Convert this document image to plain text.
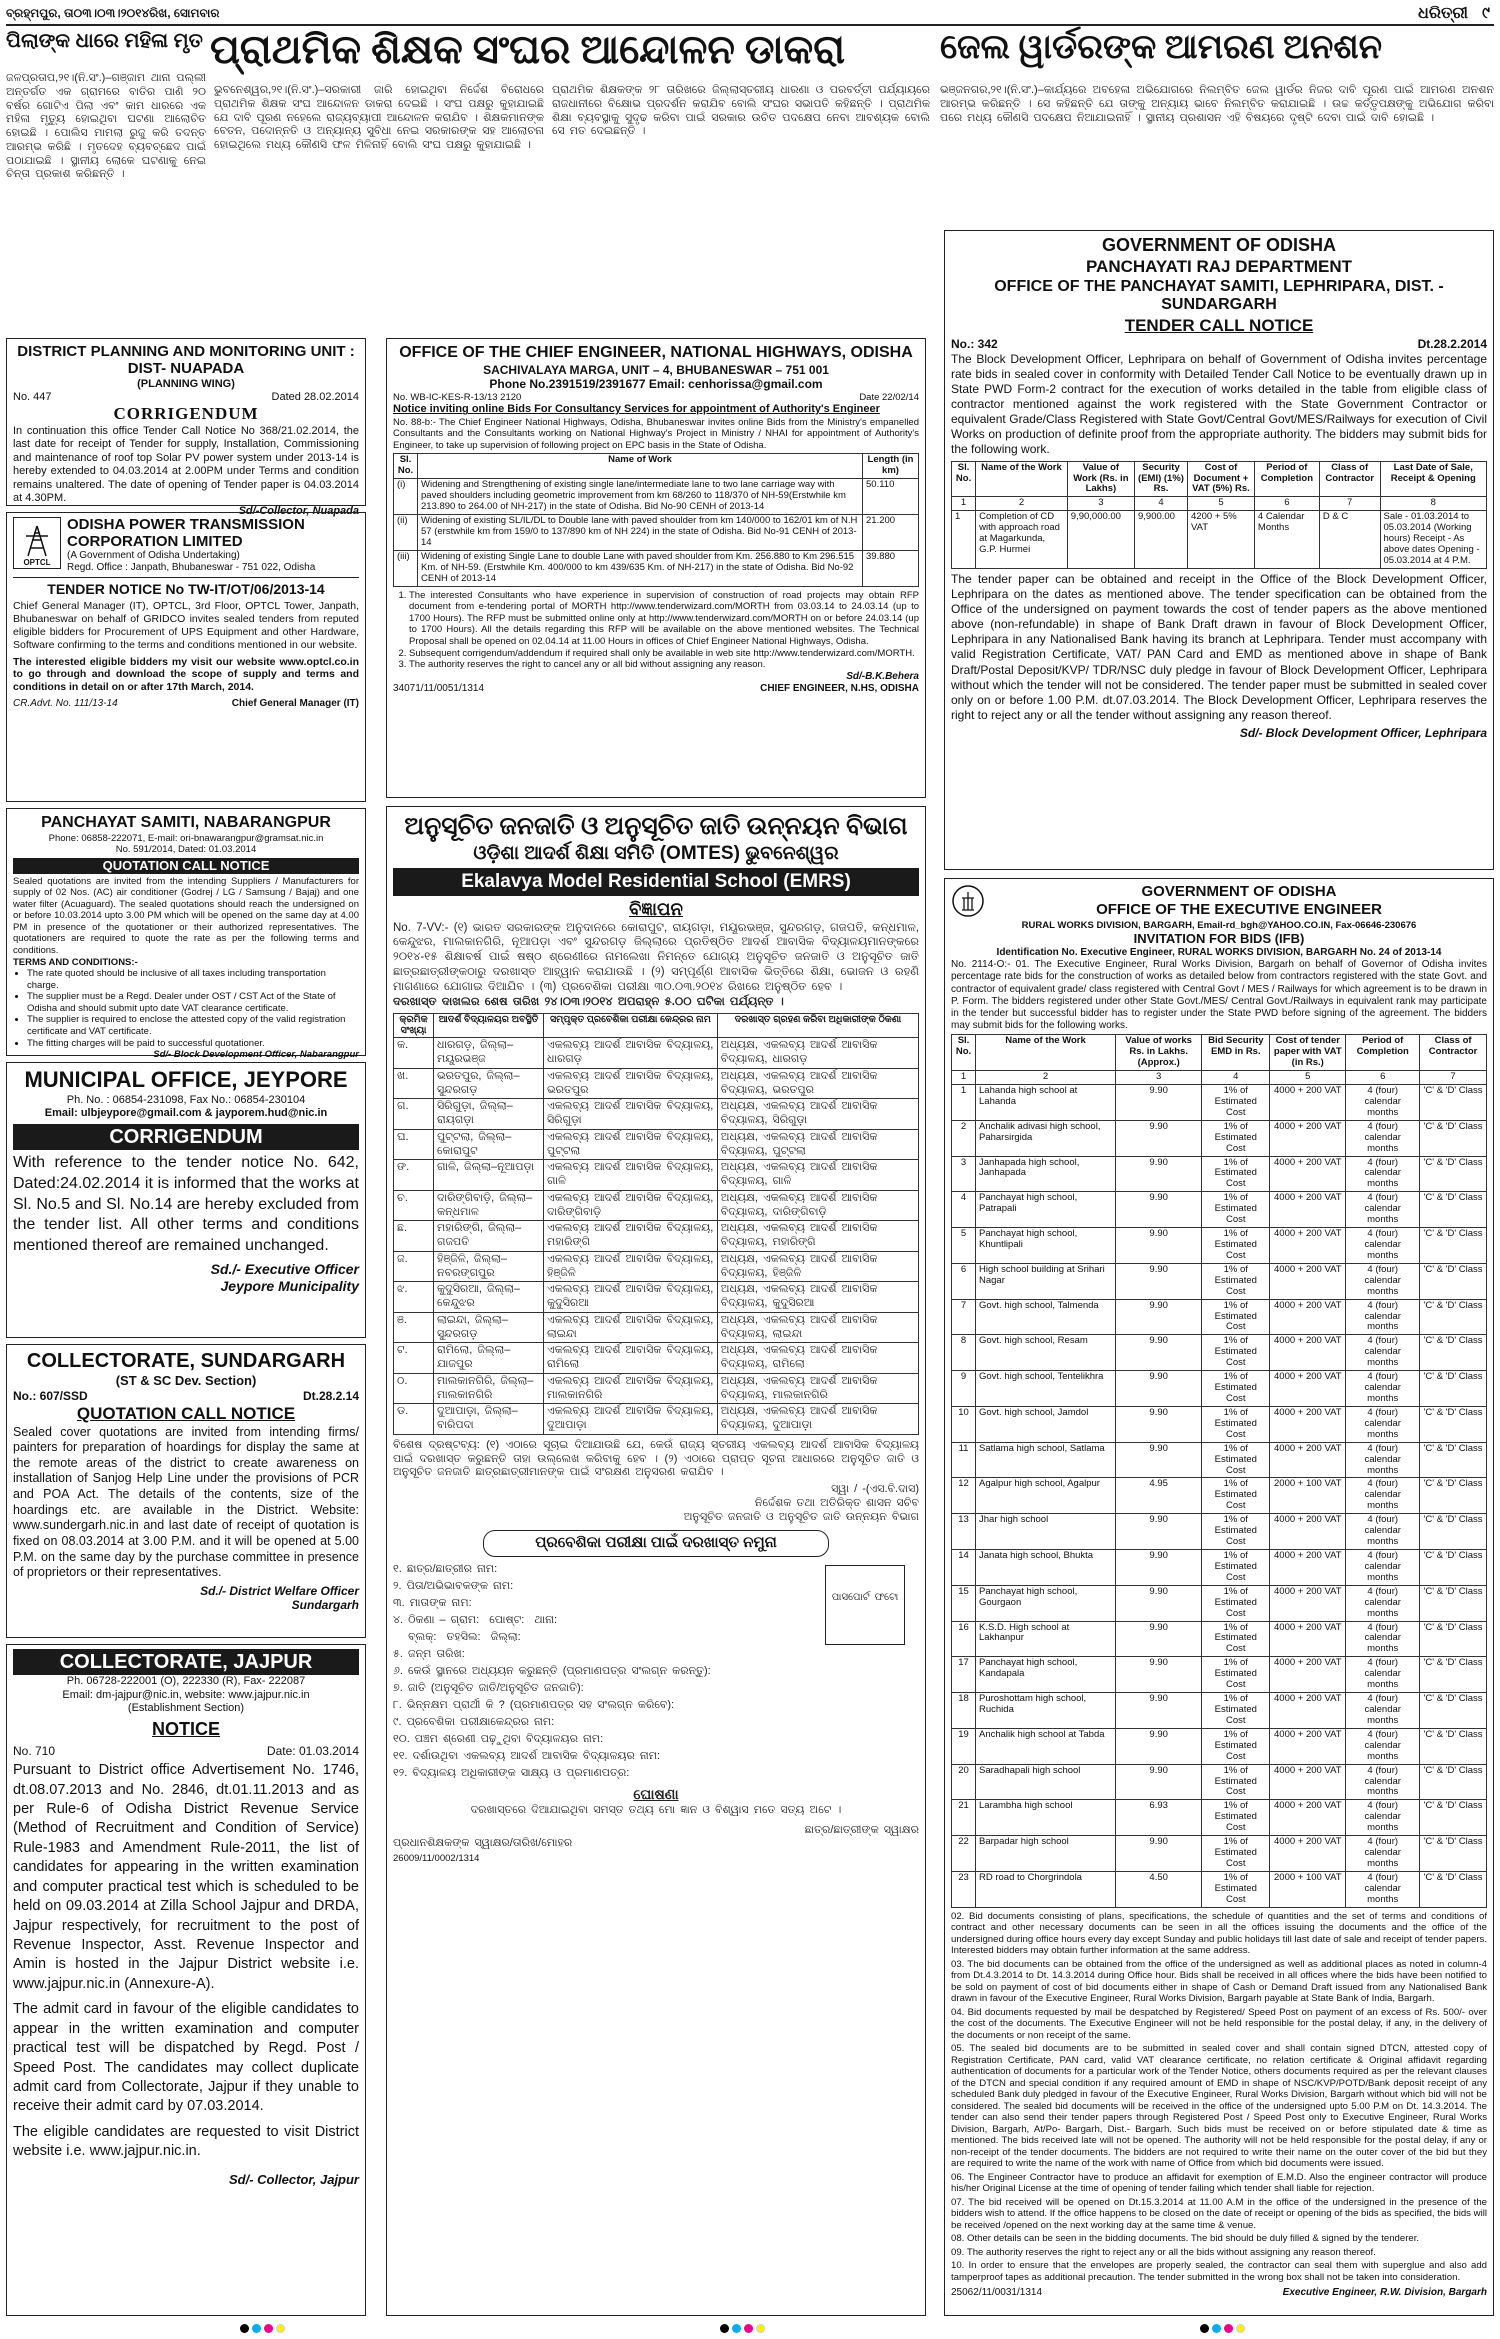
ବ୍ରହ୍ମପୁର, ତା୦୩।୦୩।୨୦୧୪ରିଖ, ସୋମବାର	ଧରିତ୍ରୀ ୯
ପିଲାଙ୍କ ଧାରେ ମହିଳା ମୃତ ପ୍ରାଥମିକ ଶିକ୍ଷକ ସଂଘର ଆନ୍ଦୋଳନ ଡାକରା	ଜେଲ ୱାର୍ଡରଙ୍କ ଆମରଣ ଅନଶନ
ଜଳପ୍ରତାପ,୨୧।(ନି.ସଂ.)–ଗଞ୍ଜାମ ଥାନା ପଲ୍ଲୀ ଅନ୍ତର୍ଗତ ଏକ ଗ୍ରାମରେ ବାତିର ପାଣି ୨୦ ବର୍ଷର ଗୋଟିଏ ପିଲା ଏବଂ କାମ ଧାରରେ ଏକ ମହିଳା ମୃତ୍ୟୁ ହୋଇଥିବା ଘଟଣା ଆଲୋଚିତ ହୋଇଛି । ପୋଲିସ ମାମଲା ରୁଜୁ କରି ତଦନ୍ତ ଆରମ୍ଭ କରିଛି । ମୃତଦେହ ବ୍ୟବଚ୍ଛେଦ ପାଇଁ ପଠାଯାଇଛି । ସ୍ଥାନୀୟ ଲୋକେ ଘଟଣାକୁ ନେଇ ଚିନ୍ତା ପ୍ରକାଶ କରିଛନ୍ତି ।
ଭୁବନେଶ୍ୱର,୨୧।(ନି.ସଂ.)–ସରକାରୀ ଜାରି ହୋଇଥିବା ନିର୍ଦ୍ଦେଶ ବିରୋଧରେ ପ୍ରାଥମିକ ଶିକ୍ଷକ ସଂଘ ଆନ୍ଦୋଳନ ଡାକରା ଦେଇଛି । ସଂଘ ପକ୍ଷରୁ କୁହାଯାଇଛି ଯେ ଦାବି ପୂରଣ ନହେଲେ ରାଜ୍ୟବ୍ୟାପୀ ଆନ୍ଦୋଳନ କରାଯିବ । ଶିକ୍ଷକମାନଙ୍କ ବେତନ, ପଦୋନ୍ନତି ଓ ଅନ୍ୟାନ୍ୟ ସୁବିଧା ନେଇ ସରକାରଙ୍କ ସହ ଆଲୋଚନା ହୋଇଥିଲେ ମଧ୍ୟ କୌଣସି ଫଳ ମିଳିନାହିଁ ବୋଲି ସଂଘ ପକ୍ଷରୁ କୁହାଯାଇଛି ।
ପ୍ରାଥମିକ ଶିକ୍ଷକଙ୍କ ୨୮ ତାରିଖରେ ଜିଲ୍ଲାସ୍ତରୀୟ ଧାରଣା ଓ ପରବର୍ତ୍ତୀ ପର୍ଯ୍ୟାୟରେ ରାଜଧାନୀରେ ବିକ୍ଷୋଭ ପ୍ରଦର୍ଶନ କରାଯିବ ବୋଲି ସଂଘର ସଭାପତି କହିଛନ୍ତି । ପ୍ରାଥମିକ ଶିକ୍ଷା ବ୍ୟବସ୍ଥାକୁ ସୁଦୃଢ କରିବା ପାଇଁ ସରକାର ଉଚିତ ପଦକ୍ଷେପ ନେବା ଆବଶ୍ୟକ ବୋଲି ସେ ମତ ଦେଇଛନ୍ତି ।
ଭଞ୍ଜନଗର,୨୧।(ନି.ସଂ.)–କାର୍ଯ୍ୟରେ ଅବହେଳା ଅଭିଯୋଗରେ ନିଲମ୍ବିତ ଜେଲ ୱାର୍ଡର ନିଜର ଦାବି ପୂରଣ ପାଇଁ ଆମରଣ ଅନଶନ ଆରମ୍ଭ କରିଛନ୍ତି । ସେ କହିଛନ୍ତି ଯେ ତାଙ୍କୁ ଅନ୍ୟାୟ ଭାବେ ନିଲମ୍ବିତ କରାଯାଇଛି । ଉଚ୍ଚ କର୍ତ୍ତୃପକ୍ଷଙ୍କୁ ଅଭିଯୋଗ କରିବା ପରେ ମଧ୍ୟ କୌଣସି ପଦକ୍ଷେପ ନିଆଯାଇନାହିଁ । ସ୍ଥାନୀୟ ପ୍ରଶାସନ ଏହି ବିଷୟରେ ଦୃଷ୍ଟି ଦେବା ପାଇଁ ଦାବି ହୋଇଛି ।
DISTRICT PLANNING AND MONITORING UNIT : DIST- NUAPADA
(PLANNING WING)
No. 447	Dated 28.02.2014
CORRIGENDUM
In continuation this office Tender Call Notice No 368/21.02.2014, the last date for receipt of Tender for supply, Installation, Commissioning and maintenance of roof top Solar PV power system under 2013-14 is hereby extended to 04.03.2014 at 2.00PM under Terms and condition remains unaltered. The date of opening of Tender paper is 04.03.2014 at 4.30PM.
Sd/-Collector, Nuapada
OPTCL
ODISHA POWER TRANSMISSION CORPORATION LIMITED
(A Government of Odisha Undertaking)
Regd. Office : Janpath, Bhubaneswar - 751 022, Odisha
TENDER NOTICE No TW-IT/OT/06/2013-14
Chief General Manager (IT), OPTCL, 3rd Floor, OPTCL Tower, Janpath, Bhubaneswar on behalf of GRIDCO invites sealed tenders from reputed eligible bidders for Procurement of UPS Equipment and other Hardware, Software confirming to the terms and conditions mentioned in our website.
The interested eligible bidders my visit our website www.optcl.co.in to go through and download the scope of supply and terms and conditions in detail on or after 17th March, 2014.
CR.Advt. No. 111/13-14	Chief General Manager (IT)
PANCHAYAT SAMITI, NABARANGPUR
Phone: 06858-222071, E-mail: ori-bnawarangpur@gramsat.nic.in
No. 591/2014, Dated: 01.03.2014
QUOTATION CALL NOTICE
Sealed quotations are invited from the intending Suppliers / Manufacturers for supply of 02 Nos. (AC) air conditioner (Godrej / LG / Samsung / Bajaj) and one water filter (Acuaguard). The sealed quotations should reach the undersigned on or before 10.03.2014 upto 3.00 PM which will be opened on the same day at 4.00 PM in presence of the quotationer or their authorized representatives. The quotationers are required to quote the rate as per the following terms and conditions.
TERMS AND CONDITIONS:-
• The rate quoted should be inclusive of all taxes including transportation charge.
• The supplier must be a Regd. Dealer under OST / CST Act of the State of Odisha and should submit upto date VAT clearance certificate.
• The supplier is required to enclose the attested copy of the valid registration certificate and VAT certificate.
• The fitting charges will be paid to successful quotationer.
Sd/- Block Development Officer, Nabarangpur
MUNICIPAL OFFICE, JEYPORE
Ph. No. : 06854-231098, Fax No.: 06854-230104
Email: ulbjeypore@gmail.com & jayporem.hud@nic.in
CORRIGENDUM
With reference to the tender notice No. 642, Dated:24.02.2014 it is informed that the works at Sl. No.5 and Sl. No.14 are hereby excluded from the tender list. All other terms and conditions mentioned thereof are remained unchanged.
Sd./- Executive Officer
Jeypore Municipality
COLLECTORATE, SUNDARGARH
(ST & SC Dev. Section)
No.: 607/SSD	Dt.28.2.14
QUOTATION CALL NOTICE
Sealed cover quotations are invited from intending firms/ painters for preparation of hoardings for display the same at the remote areas of the district to create awareness on installation of Sanjog Help Line under the provisions of PCR and POA Act. The details of the contents, size of the hoardings etc. are available in the District. Website: www.sundergarh.nic.in and last date of receipt of quotation is fixed on 08.03.2014 at 3.00 P.M. and it will be opened at 5.00 P.M. on the same day by the purchase committee in presence of proprietors or their representatives.
Sd./- District Welfare Officer
Sundargarh
COLLECTORATE, JAJPUR
Ph. 06728-222001 (O), 222330 (R), Fax- 222087
Email: dm-jajpur@nic.in, website: www.jajpur.nic.in
(Establishment Section)
NOTICE
No. 710	Date: 01.03.2014
Pursuant to District office Advertisement No. 1746, dt.08.07.2013 and No. 2846, dt.01.11.2013 and as per Rule-6 of Odisha District Revenue Service (Method of Recruitment and Condition of Service) Rule-1983 and Amendment Rule-2011, the list of candidates for appearing in the written examination and computer practical test which is scheduled to be held on 09.03.2014 at Zilla School Jajpur and DRDA, Jajpur respectively, for recruitment to the post of Revenue Inspector, Asst. Revenue Inspector and Amin is hosted in the Jajpur District website i.e. www.jajpur.nic.in (Annexure-A).
The admit card in favour of the eligible candidates to appear in the written examination and computer practical test will be dispatched by Regd. Post / Speed Post. The candidates may collect duplicate admit card from Collectorate, Jajpur if they unable to receive their admit card by 07.03.2014.
The eligible candidates are requested to visit District website i.e. www.jajpur.nic.in.
Sd/- Collector, Jajpur
OFFICE OF THE CHIEF ENGINEER, NATIONAL HIGHWAYS, ODISHA
SACHIVALAYA MARGA, UNIT – 4, BHUBANESWAR – 751 001
Phone No.2391519/2391677 Email: cenhorissa@gmail.com
No. WB-IC-KES-R-13/13 2120	Date 22/02/14
Notice inviting online Bids For Consultancy Services for appointment of Authority's Engineer
No. 88-b:- The Chief Engineer National Highways, Odisha, Bhubaneswar invites online Bids from the Ministry's empanelled Consultants and the Consultants working on National Highway's Project in Ministry / NHAI for appointment of Authority's Engineer, to take up supervision of following project on EPC basis in the State of Odisha.
Sl. No.	Name of Work	Length (in km)
(i)	Widening and Strengthening of existing single lane/intermediate lane to two lane carriage way with paved shoulders including geometric improvement from km 68/260 to 118/370 of NH-59(Erstwhile km 213.890 to 264.00 of NH-217) in the state of Odisha. Bid No-90 CENH of 2013-14	50.110
(ii)	Widening of existing SL/IL/DL to Double lane with paved shoulder from km 140/000 to 162/01 km of N.H 57 (erstwhile km from 159/0 to 137/890 km of NH 224) in the state of Odisha. Bid No-91 CENH of 2013-14	21.200
(iii)	Widening of existing Single Lane to double Lane with paved shoulder from Km. 256.880 to Km 296.515 Km. of NH-59. (Erstwhile Km. 400/000 to km 439/635 Km. of NH-217) in the state of Odisha. Bid No-92 CENH of 2013-14	39.880
1. The interested Consultants who have experience in supervision of construction of road projects may obtain RFP document from e-tendering portal of MORTH http://www.tenderwizard.com/MORTH from 03.03.14 to 24.03.14 (up to 1700 Hours). The RFP must be submitted online only at http://www.tenderwizard.com/MORTH on or before 24.03.14 (up to 1700 Hours). All the details regarding this RFP will be available on the above mentioned websites. The Technical Proposal shall be opened on 02.04.14 at 11.00 Hours in offices of Chief Engineer National Highways, Odisha.
2. Subsequent corrigendum/addendum if required shall only be available in web site http://www.tenderwizard.com/MORTH.
3. The authority reserves the right to cancel any or all bid without assigning any reason.
Sd/-B.K.Behera
34071/11/0051/1314	CHIEF ENGINEER, N.HS, ODISHA
ଅନୁସୂଚିତ ଜନଜାତି ଓ ଅନୁସୂଚିତ ଜାତି ଉନ୍ନୟନ ବିଭାଗ
ଓଡ଼ିଶା ଆଦର୍ଶ ଶିକ୍ଷା ସମିତି (OMTES) ଭୁବନେଶ୍ୱର
Ekalavya Model Residential School (EMRS)
ବିଜ୍ଞାପନ
No. 7-VV:- (୧) ଭାରତ ସରକାରଙ୍କ ଅନୁଦାନରେ କୋରାପୁଟ, ରାୟଗଡ଼ା, ମୟୂରଭଞ୍ଜ, ସୁନ୍ଦରଗଡ଼, ଗଜପତି, କନ୍ଧମାଳ, କେନ୍ଦୁଝର, ମାଲକାନଗିରି, ନୂଆପଡ଼ା ଏବଂ ସୁନ୍ଦରଗଡ଼ ଜିଲ୍ଲାରେ ପ୍ରତିଷ୍ଠିତ ଆଦର୍ଶ ଆବାସିକ ବିଦ୍ୟାଳୟମାନଙ୍କରେ ୨୦୧୪-୧୫ ଶିକ୍ଷାବର୍ଷ ପାଇଁ ଷଷ୍ଠ ଶ୍ରେଣୀରେ ନାମଲେଖା ନିମନ୍ତେ ଯୋଗ୍ୟ ଅନୁସୂଚିତ ଜନଜାତି ଓ ଅନୁସୂଚିତ ଜାତି ଛାତ୍ରଛାତ୍ରୀଙ୍କଠାରୁ ଦରଖାସ୍ତ ଆହ୍ୱାନ କରାଯାଉଛି । (୨) ସମ୍ପୂର୍ଣ୍ଣ ଆବାସିକ ଭିତ୍ତିରେ ଶିକ୍ଷା, ଭୋଜନ ଓ ରହଣି ମାଗଣାରେ ଯୋଗାଇ ଦିଆଯିବ । (୩) ପ୍ରବେଶିକା ପରୀକ୍ଷା ୩୦.୦୩.୨୦୧୪ ରିଖରେ ଅନୁଷ୍ଠିତ ହେବ ।
ଦରଖାସ୍ତ ଦାଖଲର ଶେଷ ତାରିଖ ୨୪।୦୩।୨୦୧୪ ଅପରାହ୍ନ ୫.୦୦ ଘଟିକା ପର୍ଯ୍ୟନ୍ତ ।
କ୍ରମିକ ସଂଖ୍ୟା	ଆଦର୍ଶ ବିଦ୍ୟାଳୟର ଅବସ୍ଥିତି	ସମ୍ପୃକ୍ତ ପ୍ରବେଶିକା ପରୀକ୍ଷା କେନ୍ଦ୍ରର ନାମ	ଦରଖାସ୍ତ ଗ୍ରହଣ କରିବା ଅଧିକାରୀଙ୍କ ଠିକଣା
କ.	ଧାରଗଡ଼, ଜିଲ୍ଲା–ମୟୂରଭଞ୍ଜ	ଏକଲବ୍ୟ ଆଦର୍ଶ ଆବାସିକ ବିଦ୍ୟାଳୟ, ଧାରଗଡ଼	ଅଧ୍ୟକ୍ଷ, ଏକଲବ୍ୟ ଆଦର୍ଶ ଆବାସିକ ବିଦ୍ୟାଳୟ, ଧାରଗଡ଼
ଖ.	ଭରତପୁର, ଜିଲ୍ଲା–ସୁନ୍ଦରଗଡ଼	ଏକଲବ୍ୟ ଆଦର୍ଶ ଆବାସିକ ବିଦ୍ୟାଳୟ, ଭରତପୁର	ଅଧ୍ୟକ୍ଷ, ଏକଲବ୍ୟ ଆଦର୍ଶ ଆବାସିକ ବିଦ୍ୟାଳୟ, ଭରତପୁର
ଗ.	ସିରିଗୁଡ଼ା, ଜିଲ୍ଲା–ରାୟଗଡ଼ା	ଏକଲବ୍ୟ ଆଦର୍ଶ ଆବାସିକ ବିଦ୍ୟାଳୟ, ସିରିଗୁଡ଼ା	ଅଧ୍ୟକ୍ଷ, ଏକଲବ୍ୟ ଆଦର୍ଶ ଆବାସିକ ବିଦ୍ୟାଳୟ, ସିରିଗୁଡ଼ା
ଘ.	ପୁଟ୍ଟଲା, ଜିଲ୍ଲା–କୋରାପୁଟ	ଏକଲବ୍ୟ ଆଦର୍ଶ ଆବାସିକ ବିଦ୍ୟାଳୟ, ପୁଟ୍ଟଲା	ଅଧ୍ୟକ୍ଷ, ଏକଲବ୍ୟ ଆଦର୍ଶ ଆବାସିକ ବିଦ୍ୟାଳୟ, ପୁଟ୍ଟଲା
ଙ.	ଗାଳି, ଜିଲ୍ଲା–ନୂଆପଡ଼ା	ଏକଲବ୍ୟ ଆଦର୍ଶ ଆବାସିକ ବିଦ୍ୟାଳୟ, ଗାଳି	ଅଧ୍ୟକ୍ଷ, ଏକଲବ୍ୟ ଆଦର୍ଶ ଆବାସିକ ବିଦ୍ୟାଳୟ, ଗାଳି
ଚ.	ଦାରିଙ୍ଗିବାଡ଼ି, ଜିଲ୍ଲା–କନ୍ଧମାଳ	ଏକଲବ୍ୟ ଆଦର୍ଶ ଆବାସିକ ବିଦ୍ୟାଳୟ, ଦାରିଙ୍ଗିବାଡ଼ି	ଅଧ୍ୟକ୍ଷ, ଏକଲବ୍ୟ ଆଦର୍ଶ ଆବାସିକ ବିଦ୍ୟାଳୟ, ଦାରିଙ୍ଗିବାଡ଼ି
ଛ.	ମହାରିଙ୍ଗି, ଜିଲ୍ଲା–ଗଜପତି	ଏକଲବ୍ୟ ଆଦର୍ଶ ଆବାସିକ ବିଦ୍ୟାଳୟ, ମହାରିଙ୍ଗି	ଅଧ୍ୟକ୍ଷ, ଏକଲବ୍ୟ ଆଦର୍ଶ ଆବାସିକ ବିଦ୍ୟାଳୟ, ମହାରିଙ୍ଗି
ଜ.	ହିଞ୍ଜିଳି, ଜିଲ୍ଲା–ନବରଙ୍ଗପୁର	ଏକଲବ୍ୟ ଆଦର୍ଶ ଆବାସିକ ବିଦ୍ୟାଳୟ, ହିଞ୍ଜିଳି	ଅଧ୍ୟକ୍ଷ, ଏକଲବ୍ୟ ଆଦର୍ଶ ଆବାସିକ ବିଦ୍ୟାଳୟ, ହିଞ୍ଜିଳି
ଝ.	କୁଦୁସିରଆ, ଜିଲ୍ଲା–କେନ୍ଦୁଝର	ଏକଲବ୍ୟ ଆଦର୍ଶ ଆବାସିକ ବିଦ୍ୟାଳୟ, କୁଦୁସିରଆ	ଅଧ୍ୟକ୍ଷ, ଏକଲବ୍ୟ ଆଦର୍ଶ ଆବାସିକ ବିଦ୍ୟାଳୟ, କୁଦୁସିରଆ
ଞ.	ଲାଇନ୍ଦା, ଜିଲ୍ଲା–ସୁନ୍ଦରଗଡ଼	ଏକଲବ୍ୟ ଆଦର୍ଶ ଆବାସିକ ବିଦ୍ୟାଳୟ, ଲାଇନ୍ଦା	ଅଧ୍ୟକ୍ଷ, ଏକଲବ୍ୟ ଆଦର୍ଶ ଆବାସିକ ବିଦ୍ୟାଳୟ, ଲାଇନ୍ଦା
ଟ.	ରାମିଲୋ, ଜିଲ୍ଲା–ଯାଜପୁର	ଏକଲବ୍ୟ ଆଦର୍ଶ ଆବାସିକ ବିଦ୍ୟାଳୟ, ରାମିଲୋ	ଅଧ୍ୟକ୍ଷ, ଏକଲବ୍ୟ ଆଦର୍ଶ ଆବାସିକ ବିଦ୍ୟାଳୟ, ରାମିଲୋ
ଠ.	ମାଲକାନଗିରି, ଜିଲ୍ଲା–ମାଲକାନଗିରି	ଏକଲବ୍ୟ ଆଦର୍ଶ ଆବାସିକ ବିଦ୍ୟାଳୟ, ମାଲକାନଗିରି	ଅଧ୍ୟକ୍ଷ, ଏକଲବ୍ୟ ଆଦର୍ଶ ଆବାସିକ ବିଦ୍ୟାଳୟ, ମାଲକାନଗିରି
ଡ.	ଦୁଆପାଡ଼ା, ଜିଲ୍ଲା–ବାରିପଦା	ଏକଲବ୍ୟ ଆଦର୍ଶ ଆବାସିକ ବିଦ୍ୟାଳୟ, ଦୁଆପାଡ଼ା	ଅଧ୍ୟକ୍ଷ, ଏକଲବ୍ୟ ଆଦର୍ଶ ଆବାସିକ ବିଦ୍ୟାଳୟ, ଦୁଆପାଡ଼ା
ବିଶେଷ ଦ୍ରଷ୍ଟବ୍ୟ: (୧) ଏଠାରେ ସୂଚାଇ ଦିଆଯାଉଛି ଯେ, କେଉଁ ରାଜ୍ୟ ସ୍ତରୀୟ ଏକଲବ୍ୟ ଆଦର୍ଶ ଆବାସିକ ବିଦ୍ୟାଳୟ ପାଇଁ ଦରଖାସ୍ତ କରୁଛନ୍ତି ତାହା ଉଲ୍ଲେଖ କରିବାକୁ ହେବ । (୨) ଏଠାରେ ପ୍ରାପ୍ତ ସୂଚନା ଆଧାରରେ ଅନୁସୂଚିତ ଜାତି ଓ ଅନୁସୂଚିତ ଜନଜାତି ଛାତ୍ରଛାତ୍ରୀମାନଙ୍କ ପାଇଁ ସଂରକ୍ଷଣ ଅନୁସରଣ କରାଯିବ ।
ସ୍ୱା / -(ଏସ.ବି.ଦାସ)
ନିର୍ଦ୍ଦେଶକ ତଥା ଅତିରିକ୍ତ ଶାସନ ସଚିବ
ଅନୁସୂଚିତ ଜନଜାତି ଓ ଅନୁସୂଚିତ ଜାତି ଉନ୍ନୟନ ବିଭାଗ
ପ୍ରବେଶିକା ପରୀକ୍ଷା ପାଇଁ ଦରଖାସ୍ତ ନମୁନା
ପାସପୋର୍ଟ ଫଟୋ
୧. ଛାତ୍ର/ଛାତ୍ରୀର ନାମ:
୨. ପିତା/ଅଭିଭାବକଙ୍କ ନାମ:
୩. ମାତାଙ୍କ ନାମ:
୪. ଠିକଣା – ଗ୍ରାମ:  ପୋଷ୍ଟ:  ଥାନା:
ବ୍ଲକ୍:  ତହସିଲ:  ଜିଲ୍ଲା:
୫. ଜନ୍ମ ତାରିଖ:
୬. କେଉଁ ସ୍ଥାନରେ ଅଧ୍ୟୟନ କରୁଛନ୍ତି (ପ୍ରମାଣପତ୍ର ସଂଲଗ୍ନ କରନ୍ତୁ):
୭. ଜାତି (ଅନୁସୂଚିତ ଜାତି/ଅନୁସୂଚିତ ଜନଜାତି):
୮. ଭିନ୍ନକ୍ଷମ ପ୍ରାର୍ଥୀ କି ? (ପ୍ରମାଣପତ୍ର ସହ ସଂଲଗ୍ନ କରିବେ):
୯. ପ୍ରବେଶିକା ପରୀକ୍ଷାକେନ୍ଦ୍ରର ନାମ:
୧୦. ପଞ୍ଚମ ଶ୍ରେଣୀ ପଢ଼ୁଥିବା ବିଦ୍ୟାଳୟର ନାମ:
୧୧. ଦର୍ଶାଉଥିବା ଏକଲବ୍ୟ ଆଦର୍ଶ ଆବାସିକ ବିଦ୍ୟାଳୟର ନାମ:
୧୨. ବିଦ୍ୟାଳୟ ଅଧିକାରୀଙ୍କ ସାକ୍ଷ୍ୟ ଓ ପ୍ରମାଣପତ୍ର:
ଘୋଷଣା
ଦରଖାସ୍ତରେ ଦିଆଯାଇଥିବା ସମସ୍ତ ତଥ୍ୟ ମୋ ଜ୍ଞାନ ଓ ବିଶ୍ୱାସ ମତେ ସତ୍ୟ ଅଟେ ।
ଛାତ୍ର/ଛାତ୍ରୀଙ୍କ ସ୍ୱାକ୍ଷର
ପ୍ରଧାନଶିକ୍ଷକଙ୍କ ସ୍ୱାକ୍ଷର/ତାରିଖ/ମୋହର
26009/11/0002/1314
GOVERNMENT OF ODISHA
PANCHAYATI RAJ DEPARTMENT
OFFICE OF THE PANCHAYAT SAMITI, LEPHRIPARA, DIST. - SUNDARGARH
TENDER CALL NOTICE
No.: 342	Dt.28.2.2014
The Block Development Officer, Lephripara on behalf of Government of Odisha invites percentage rate bids in sealed cover in conformity with Detailed Tender Call Notice to be eventually drawn up in State PWD Form-2 contract for the execution of works detailed in the table from eligible class of contractor mentioned against the work registered with the State Government Contractor or equivalent Grade/Class Registered with State Govt/Central Govt/MES/Railways for execution of Civil Works on production of definite proof from the appropriate authority. The bidders may submit bids for the following work.
Sl. No.	Name of the Work	Value of Work (Rs. in Lakhs)	Security (EMI) (1%) Rs.	Cost of Document + VAT (5%) Rs.	Period of Completion	Class of Contractor	Last Date of Sale, Receipt & Opening
1	2	3	4	5	6	7	8
1	Completion of CD with approach road at Magarkunda, G.P. Hurmei	9,90,000.00	9,900.00	4200 + 5% VAT	4 Calendar Months	D & C	Sale - 01.03.2014 to 05.03.2014 (Working hours) Receipt - As above dates Opening - 05.03.2014 at 4 P.M.
The tender paper can be obtained and receipt in the Office of the Block Development Officer, Lephripara on the dates as mentioned above. The tender specification can be obtained from the Office of the undersigned on payment towards the cost of tender papers as the above mentioned above (non-refundable) in shape of Bank Draft drawn in favour of Block Development Officer, Lephripara in any Nationalised Bank having its branch at Lephripara. Tender must accompany with valid Registration Certificate, VAT/ PAN Card and EMD as mentioned above in shape of Bank Draft/Postal Deposit/KVP/ TDR/NSC duly pledge in favour of Block Development Officer, Lephripara without which the tender will not be considered. The tender paper must be submitted in sealed cover only on or before 1.00 P.M. dt.07.03.2014. The Block Development Officer, Lephripara reserves the right to reject any or all the tender without assigning any reason thereof.
Sd/- Block Development Officer, Lephripara
GOVERNMENT OF ODISHA
OFFICE OF THE EXECUTIVE ENGINEER
RURAL WORKS DIVISION, BARGARH, Email-rd_bgh@YAHOO.CO.IN, Fax-06646-230676
INVITATION FOR BIDS (IFB)
Identification No. Executive Engineer, RURAL WORKS DIVISION, BARGARH No. 24 of 2013-14
No. 2114-O:- 01. The Executive Engineer, Rural Works Division, Bargarh on behalf of Governor of Odisha invites percentage rate bids for the construction of works as detailed below from contractors registered with the state Govt. and contractor of equivalent grade/ class registered with Central Govt / MES / Railways for which agreement is to be drawn in P. Form. The bidders registered under other State Govt./MES/ Central Govt./Railways in equivalent rank may participate in the tender but successful bidder has to register under the State PWD before signing of the agreement. The bidders may submit bids for the following works.
Sl. No.	Name of the Work	Value of works Rs. in Lakhs. (Approx.)	Bid Security EMD in Rs.	Cost of tender paper with VAT (in Rs.)	Period of Completion	Class of Contractor
1	2	3	4	5	6	7
1	Lahanda high school at Lahanda	9.90	1% of Estimated Cost	4000 + 200 VAT	4 (four) calendar months	'C' & 'D' Class
2	Anchalik adivasi high school, Paharsirgida	9.90	1% of Estimated Cost	4000 + 200 VAT	4 (four) calendar months	'C' & 'D' Class
3	Janhapada high school, Janhapada	9.90	1% of Estimated Cost	4000 + 200 VAT	4 (four) calendar months	'C' & 'D' Class
4	Panchayat high school, Patrapali	9.90	1% of Estimated Cost	4000 + 200 VAT	4 (four) calendar months	'C' & 'D' Class
5	Panchayat high school, Khuntlipali	9.90	1% of Estimated Cost	4000 + 200 VAT	4 (four) calendar months	'C' & 'D' Class
6	High school building at Srihari Nagar	9.90	1% of Estimated Cost	4000 + 200 VAT	4 (four) calendar months	'C' & 'D' Class
7	Govt. high school, Talmenda	9.90	1% of Estimated Cost	4000 + 200 VAT	4 (four) calendar months	'C' & 'D' Class
8	Govt. high school, Resam	9.90	1% of Estimated Cost	4000 + 200 VAT	4 (four) calendar months	'C' & 'D' Class
9	Govt. high school, Tentelikhra	9.90	1% of Estimated Cost	4000 + 200 VAT	4 (four) calendar months	'C' & 'D' Class
10	Govt. high school, Jamdol	9.90	1% of Estimated Cost	4000 + 200 VAT	4 (four) calendar months	'C' & 'D' Class
11	Satlama high school, Satlama	9.90	1% of Estimated Cost	4000 + 200 VAT	4 (four) calendar months	'C' & 'D' Class
12	Agalpur high school, Agalpur	4.95	1% of Estimated Cost	2000 + 100 VAT	4 (four) calendar months	'C' & 'D' Class
13	Jhar high school	9.90	1% of Estimated Cost	4000 + 200 VAT	4 (four) calendar months	'C' & 'D' Class
14	Janata high school, Bhukta	9.90	1% of Estimated Cost	4000 + 200 VAT	4 (four) calendar months	'C' & 'D' Class
15	Panchayat high school, Gourgaon	9.90	1% of Estimated Cost	4000 + 200 VAT	4 (four) calendar months	'C' & 'D' Class
16	K.S.D. High school at Lakhanpur	9.90	1% of Estimated Cost	4000 + 200 VAT	4 (four) calendar months	'C' & 'D' Class
17	Panchayat high school, Kandapala	9.90	1% of Estimated Cost	4000 + 200 VAT	4 (four) calendar months	'C' & 'D' Class
18	Puroshottam high school, Ruchida	9.90	1% of Estimated Cost	4000 + 200 VAT	4 (four) calendar months	'C' & 'D' Class
19	Anchalik high school at Tabda	9.90	1% of Estimated Cost	4000 + 200 VAT	4 (four) calendar months	'C' & 'D' Class
20	Saradhapali high school	9.90	1% of Estimated Cost	4000 + 200 VAT	4 (four) calendar months	'C' & 'D' Class
21	Larambha high school	6.93	1% of Estimated Cost	4000 + 200 VAT	4 (four) calendar months	'C' & 'D' Class
22	Barpadar high school	9.90	1% of Estimated Cost	4000 + 200 VAT	4 (four) calendar months	'C' & 'D' Class
23	RD road to Chorgrindola	4.50	1% of Estimated Cost	2000 + 100 VAT	4 (four) calendar months	'C' & 'D' Class
02. Bid documents consisting of plans, specifications, the schedule of quantities and the set of terms and conditions of contract and other necessary documents can be seen in all the offices issuing the documents and the office of the undersigned during office hours every day except Sunday and public holidays till last date of sale and receipt of tender papers. Interested bidders may obtain further information at the same address.
03. The bid documents can be obtained from the office of the undersigned as well as additional places as noted in column-4 from Dt.4.3.2014 to Dt. 14.3.2014 during Office hour. Bids shall be received in all offices where the bids have been notified to be sold on payment of cost of bid documents either in shape of Cash or Demand Draft issued from any Nationalised Bank drawn in favour of the Executive Engineer, Rural Works Division, Bargarh payable at State Bank of India, Bargarh.
04. Bid documents requested by mail be despatched by Registered/ Speed Post on payment of an excess of Rs. 500/- over the cost of the documents. The Executive Engineer will not be held responsible for the postal delay, if any, in the delivery of the documents or non receipt of the same.
05. The sealed bid documents are to be submitted in sealed cover and shall contain signed DTCN, attested copy of Registration Certificate, PAN card, valid VAT clearance certificate, no relation certificate & Original affidavit regarding authentication of documents for a particular work of the Tender Notice, others documents required as per the relevant clauses of the DTCN and special condition if any required amount of EMD in shape of NSC/KVP/POTD/Bank deposit receipt of any scheduled Bank duly pledged in favour of the Executive Engineer, Rural Works Division, Bargarh without which bid will not be considered. The sealed bid documents will be received in the office of the undersigned upto 5.00 P.M on Dt. 14.3.2014. The tender can also send their tender papers through Registered Post / Speed Post only to Executive Engineer, Rural Works Division, Bargarh, At/Po- Bargarh, Dist.- Bargarh. Such bids must be received on or before stipulated date & time as mentioned. The bids received late will not be opened. The authority will not be held responsible for the postal delay, if any or non-receipt of the tender documents. The bidders are not required to write their name on the outer cover of the bid but they are required to write the name of the work with name of Office from which bid documents were issued.
06. The Engineer Contractor have to produce an affidavit for exemption of E.M.D. Also the engineer contractor will produce his/her Original License at the time of opening of tender failing which tender shall liable for rejection.
07. The bid received will be opened on Dt.15.3.2014 at 11.00 A.M in the office of the undersigned in the presence of the bidders wish to attend. If the office happens to be closed on the date of receipt or opening of the bids as specified, the bids will be received /opened on the next working day at the same time & venue.
08. Other details can be seen in the bidding documents. The bid should be duly filled & signed by the tenderer.
09. The authority reserves the right to reject any or all the bids without assigning any reason thereof.
10. In order to ensure that the envelopes are properly sealed, the contractor can seal them with superglue and also add tamperproof tapes as additional precaution. The tender submitted in the wrong box shall not be taken into consideration.
25062/11/0031/1314	Executive Engineer, R.W. Division, Bargarh
